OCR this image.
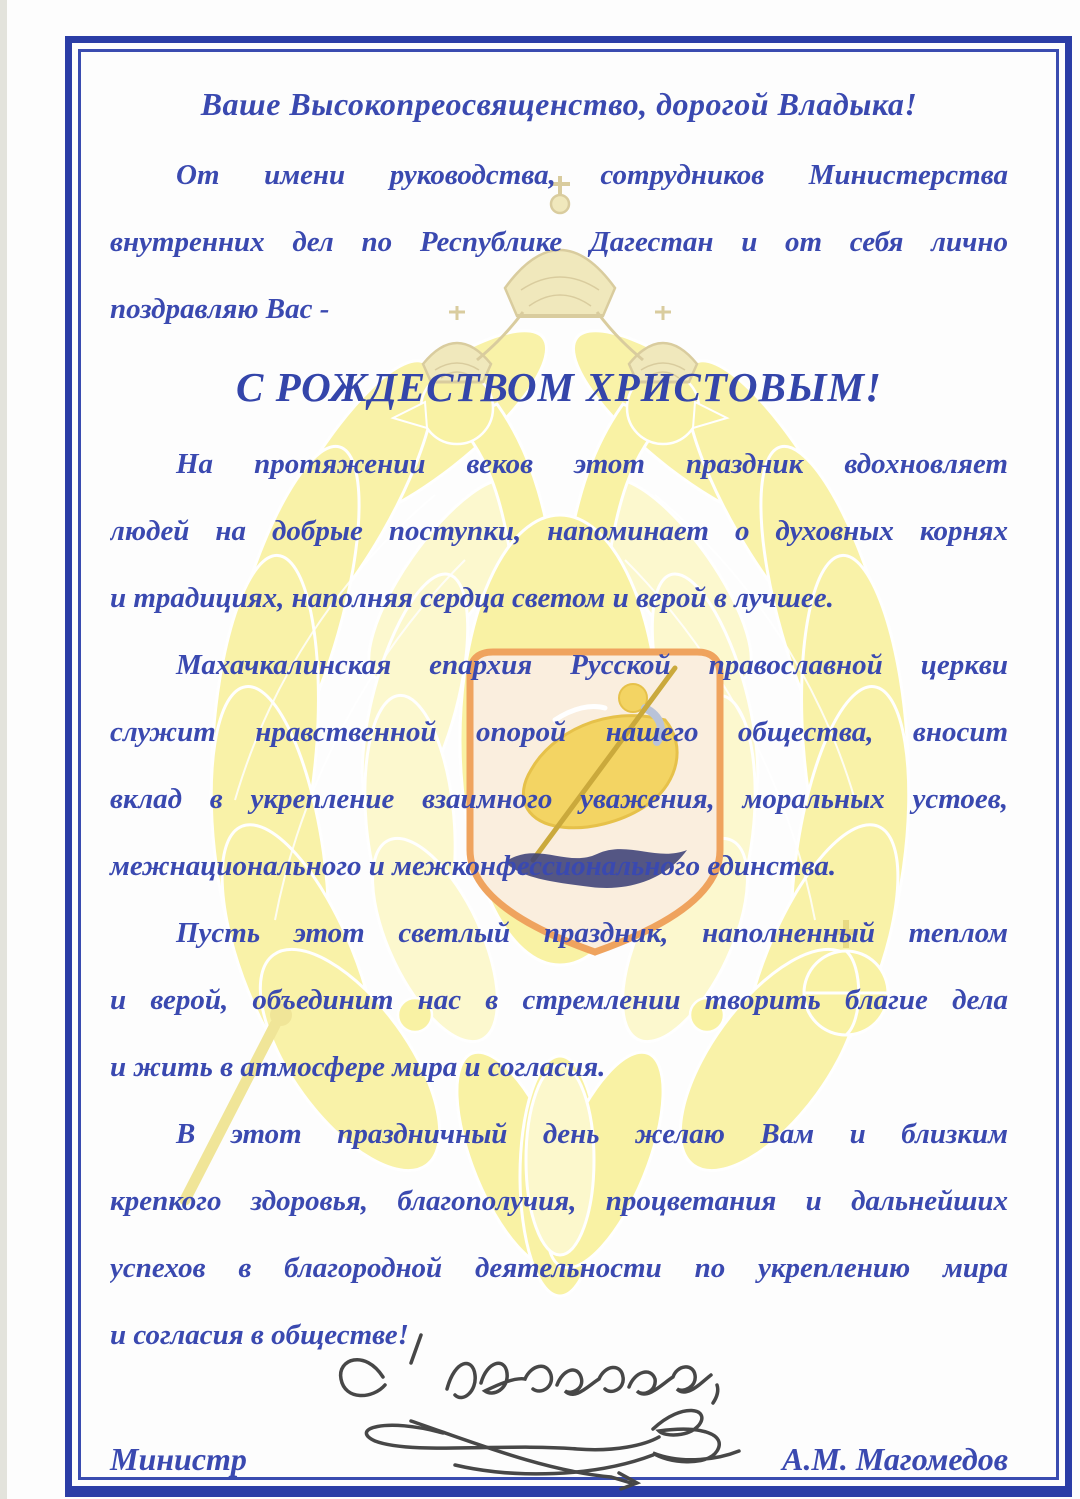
Ваше Высокопреосвященство, дорогой Владыка!
От имени руководства, сотрудников Министерства
внутренних дел по Республике Дагестан и от себя лично
поздравляю Вас -
С РОЖДЕСТВОМ ХРИСТОВЫМ!
На протяжении веков этот праздник вдохновляет
людей на добрые поступки, напоминает о духовных корнях
и традициях, наполняя сердца светом и верой в лучшее.
Махачкалинская епархия Русской православной церкви
служит нравственной опорой нашего общества, вносит
вклад в укрепление взаимного уважения, моральных устоев,
межнационального и межконфессионального единства.
Пусть этот светлый праздник, наполненный теплом
и верой, объединит нас в стремлении творить благие дела
и жить в атмосфере мира и согласия.
В этот праздничный день желаю Вам и близким
крепкого здоровья, благополучия, процветания и дальнейших
успехов в благородной деятельности по укреплению мира
и согласия в обществе!
Министр	А.М. Магомедов
